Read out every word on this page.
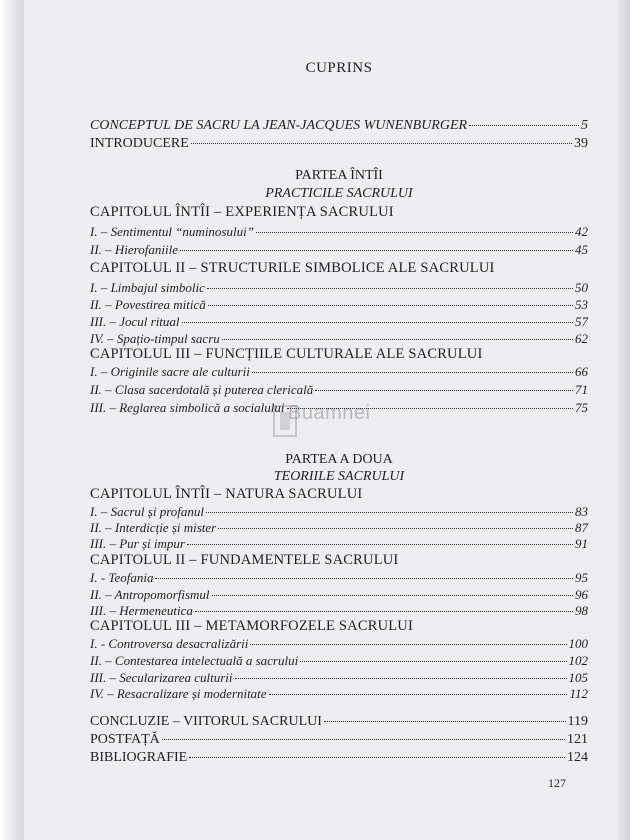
Buamnei
CUPRINS
CONCEPTUL DE SACRU LA JEAN-JACQUES WUNENBURGER	5
INTRODUCERE	39
PARTEA ÎNTÎI
PRACTICILE SACRULUI
CAPITOLUL ÎNTÎI – EXPERIENȚA SACRULUI
I. – Sentimentul “numinosului”	42
II. – Hierofaniile	45
CAPITOLUL II – STRUCTURILE SIMBOLICE ALE SACRULUI
I. – Limbajul simbolic	50
II. – Povestirea mitică	53
III. – Jocul ritual	57
IV. – Spațio-timpul sacru	62
CAPITOLUL III – FUNCȚIILE CULTURALE ALE SACRULUI
I. – Originile sacre ale culturii	66
II. – Clasa sacerdotală și puterea clericală	71
III. – Reglarea simbolică a socialului	75
PARTEA A DOUA
TEORIILE SACRULUI
CAPITOLUL ÎNTÎI – NATURA SACRULUI
I. – Sacrul și profanul	83
II. – Interdicție și mister	87
III. – Pur și impur	91
CAPITOLUL II – FUNDAMENTELE SACRULUI
I. - Teofania	95
II. – Antropomorfismul	96
III. – Hermeneutica	98
CAPITOLUL III – METAMORFOZELE SACRULUI
I. - Controversa desacralizării	100
II. – Contestarea intelectuală a sacrului	102
III. – Secularizarea culturii	105
IV. – Resacralizare și modernitate	112
CONCLUZIE – VIITORUL SACRULUI	119
POSTFAȚĂ	121
BIBLIOGRAFIE	124
127
